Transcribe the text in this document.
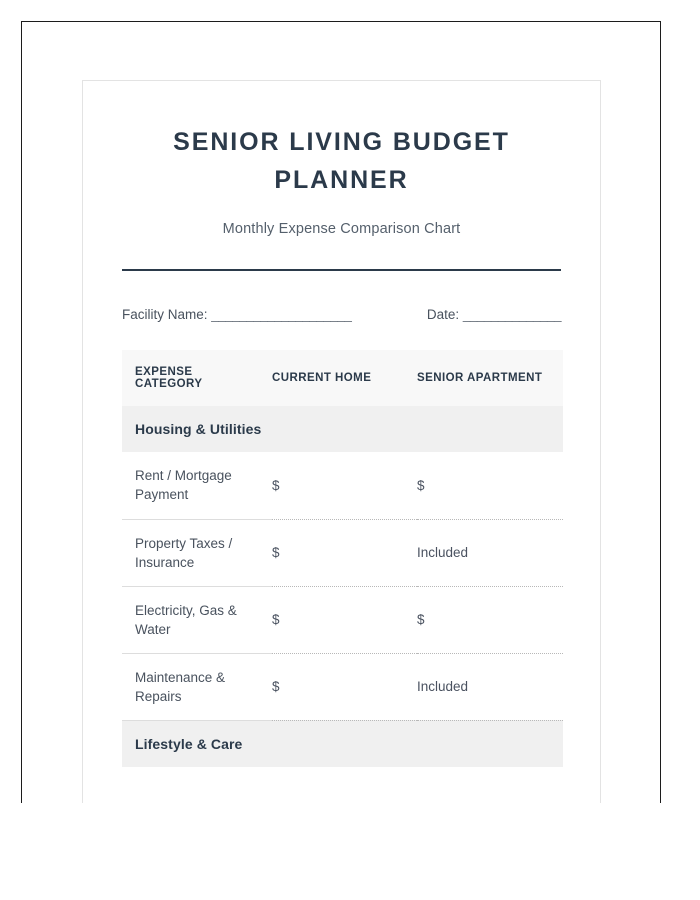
SENIOR LIVING BUDGET PLANNER

Monthly Expense Comparison Chart

Facility Name: ____________________	Date: ______________
EXPENSE CATEGORY	CURRENT HOME	SENIOR APARTMENT
Housing & Utilities		
Rent / Mortgage Payment	$	$
Property Taxes / Insurance	$	Included
Electricity, Gas & Water	$	$
Maintenance & Repairs	$	Included
Lifestyle & Care		
